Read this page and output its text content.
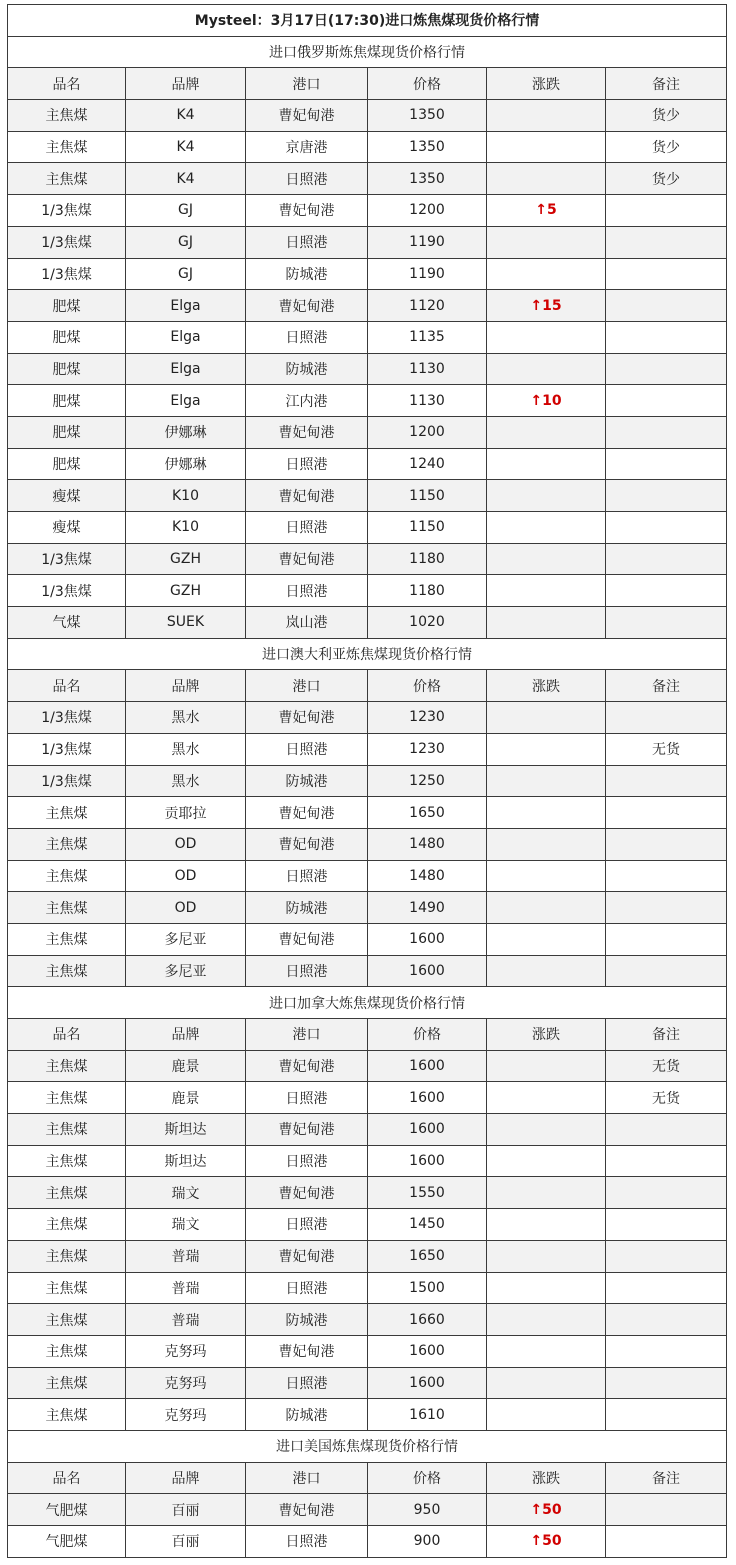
Mysteel：3月17日(17:30)进口炼焦煤现货价格行情					
进口俄罗斯炼焦煤现货价格行情					
品名	品牌	港口	价格	涨跌	备注
主焦煤	K4	曹妃甸港	1350		货少
主焦煤	K4	京唐港	1350		货少
主焦煤	K4	日照港	1350		货少
1/3焦煤	GJ	曹妃甸港	1200	↑5	
1/3焦煤	GJ	日照港	1190		
1/3焦煤	GJ	防城港	1190		
肥煤	Elga	曹妃甸港	1120	↑15	
肥煤	Elga	日照港	1135		
肥煤	Elga	防城港	1130		
肥煤	Elga	江内港	1130	↑10	
肥煤	伊娜琳	曹妃甸港	1200		
肥煤	伊娜琳	日照港	1240		
瘦煤	K10	曹妃甸港	1150		
瘦煤	K10	日照港	1150		
1/3焦煤	GZH	曹妃甸港	1180		
1/3焦煤	GZH	日照港	1180		
气煤	SUEK	岚山港	1020		
进口澳大利亚炼焦煤现货价格行情					
品名	品牌	港口	价格	涨跌	备注
1/3焦煤	黑水	曹妃甸港	1230		
1/3焦煤	黑水	日照港	1230		无货
1/3焦煤	黑水	防城港	1250		
主焦煤	贡耶拉	曹妃甸港	1650		
主焦煤	OD	曹妃甸港	1480		
主焦煤	OD	日照港	1480		
主焦煤	OD	防城港	1490		
主焦煤	多尼亚	曹妃甸港	1600		
主焦煤	多尼亚	日照港	1600		
进口加拿大炼焦煤现货价格行情					
品名	品牌	港口	价格	涨跌	备注
主焦煤	鹿景	曹妃甸港	1600		无货
主焦煤	鹿景	日照港	1600		无货
主焦煤	斯坦达	曹妃甸港	1600		
主焦煤	斯坦达	日照港	1600		
主焦煤	瑞文	曹妃甸港	1550		
主焦煤	瑞文	日照港	1450		
主焦煤	普瑞	曹妃甸港	1650		
主焦煤	普瑞	日照港	1500		
主焦煤	普瑞	防城港	1660		
主焦煤	克努玛	曹妃甸港	1600		
主焦煤	克努玛	日照港	1600		
主焦煤	克努玛	防城港	1610		
进口美国炼焦煤现货价格行情					
品名	品牌	港口	价格	涨跌	备注
气肥煤	百丽	曹妃甸港	950	↑50	
气肥煤	百丽	日照港	900	↑50	
